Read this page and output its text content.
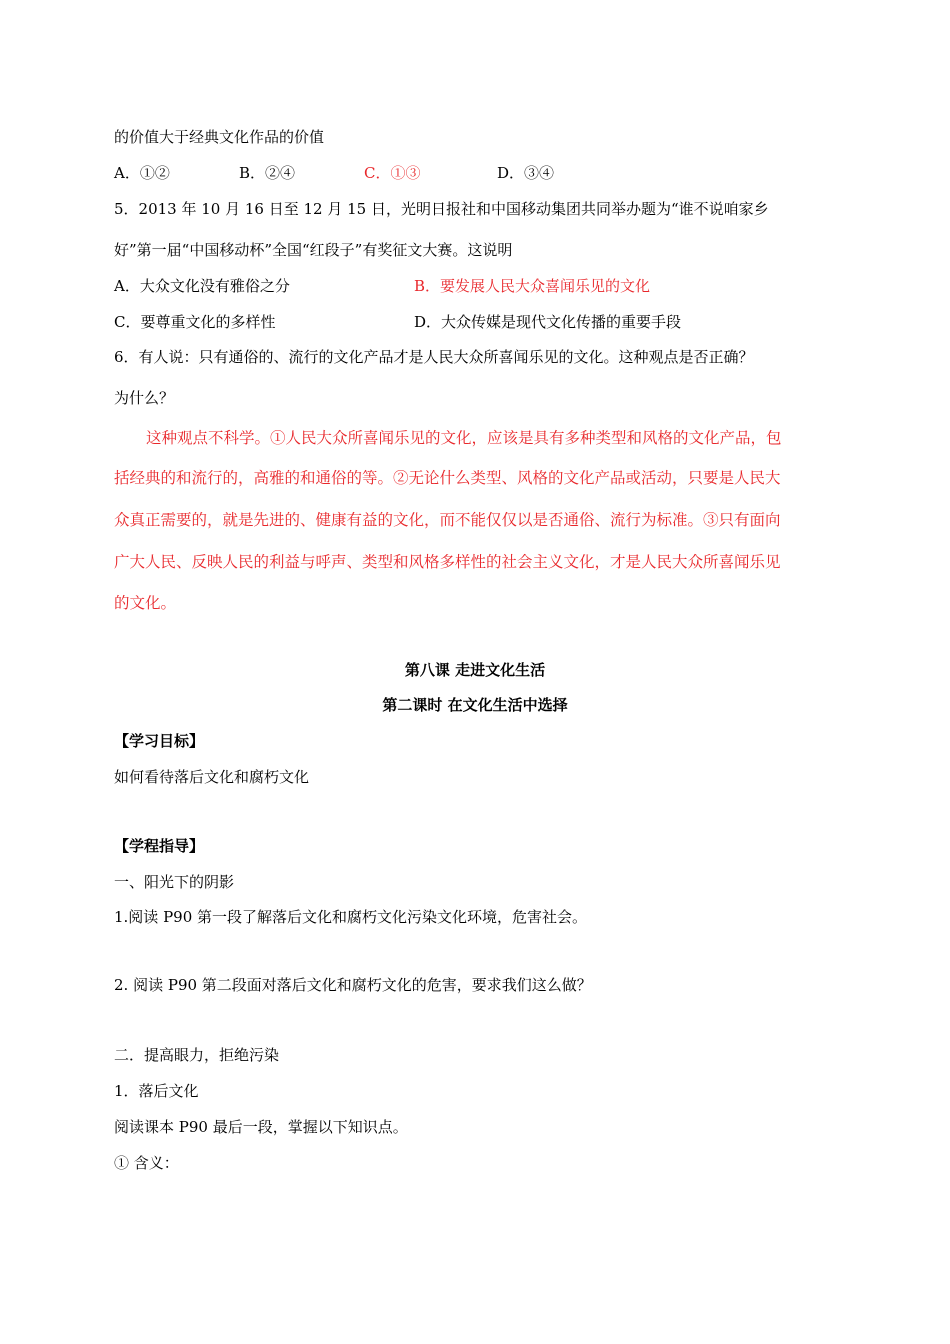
的价值大于经典文化作品的价值
A．①②	B．②④	C．①③	D．③④
5．2013 年 10 月 16 日至 12 月 15 日，光明日报社和中国移动集团共同举办题为“谁不说咱家乡
好”第一届“中国移动杯”全国“红段子”有奖征文大赛。这说明
A．大众文化没有雅俗之分	B．要发展人民大众喜闻乐见的文化
C．要尊重文化的多样性	D．大众传媒是现代文化传播的重要手段
6．有人说：只有通俗的、流行的文化产品才是人民大众所喜闻乐见的文化。这种观点是否正确？
为什么？
这种观点不科学。①人民大众所喜闻乐见的文化，应该是具有多种类型和风格的文化产品，包
括经典的和流行的，高雅的和通俗的等。②无论什么类型、风格的文化产品或活动，只要是人民大
众真正需要的，就是先进的、健康有益的文化，而不能仅仅以是否通俗、流行为标准。③只有面向
广大人民、反映人民的利益与呼声、类型和风格多样性的社会主义文化，才是人民大众所喜闻乐见
的文化。
第八课 走进文化生活
第二课时 在文化生活中选择
【学习目标】
如何看待落后文化和腐朽文化
【学程指导】
一、阳光下的阴影
1.阅读 P90 第一段了解落后文化和腐朽文化污染文化环境，危害社会。
2. 阅读 P90 第二段面对落后文化和腐朽文化的危害，要求我们这么做？
二．提高眼力，拒绝污染
1．落后文化
阅读课本 P90 最后一段，掌握以下知识点。
① 含义：
